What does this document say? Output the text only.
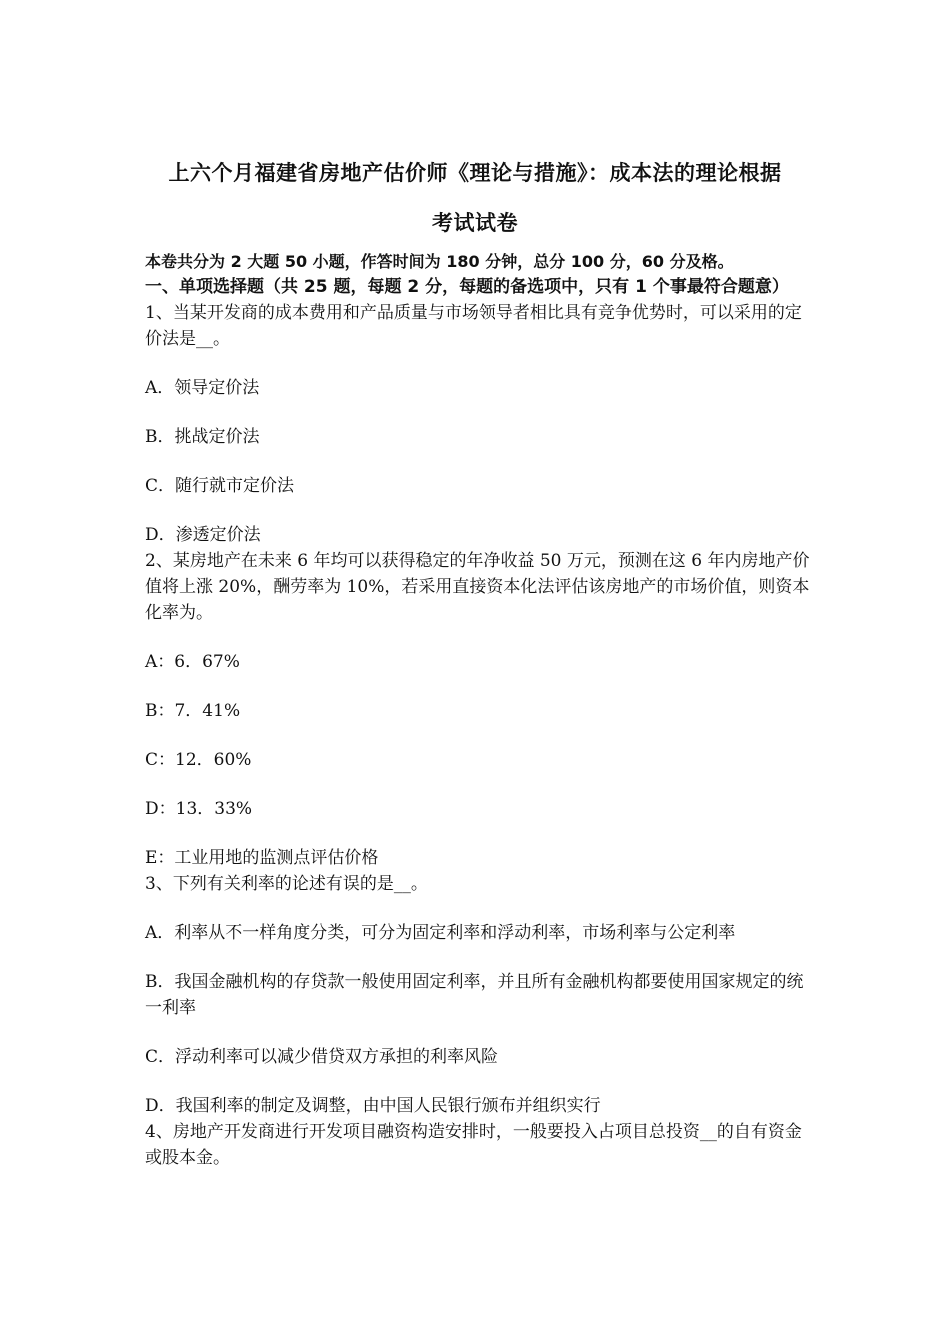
上六个月福建省房地产估价师《理论与措施》：成本法的理论根据
考试试卷
本卷共分为 2 大题 50 小题，作答时间为 180 分钟，总分 100 分，60 分及格。
一、单项选择题（共 25 题，每题 2 分，每题的备选项中，只有 1 个事最符合题意）
1、当某开发商的成本费用和产品质量与市场领导者相比具有竞争优势时，可以采用的定价法是__。
A．领导定价法
B．挑战定价法
C．随行就市定价法
D．渗透定价法
2、某房地产在未来 6 年均可以获得稳定的年净收益 50 万元，预测在这 6 年内房地产价值将上涨 20%，酬劳率为 10%，若采用直接资本化法评估该房地产的市场价值，则资本化率为。
A：6．67%
B：7．41%
C：12．60%
D：13．33%
E：工业用地的监测点评估价格
3、下列有关利率的论述有误的是__。
A．利率从不一样角度分类，可分为固定利率和浮动利率，市场利率与公定利率
B．我国金融机构的存贷款一般使用固定利率，并且所有金融机构都要使用国家规定的统一利率
C．浮动利率可以减少借贷双方承担的利率风险
D．我国利率的制定及调整，由中国人民银行颁布并组织实行
4、房地产开发商进行开发项目融资构造安排时，一般要投入占项目总投资__的自有资金或股本金。
